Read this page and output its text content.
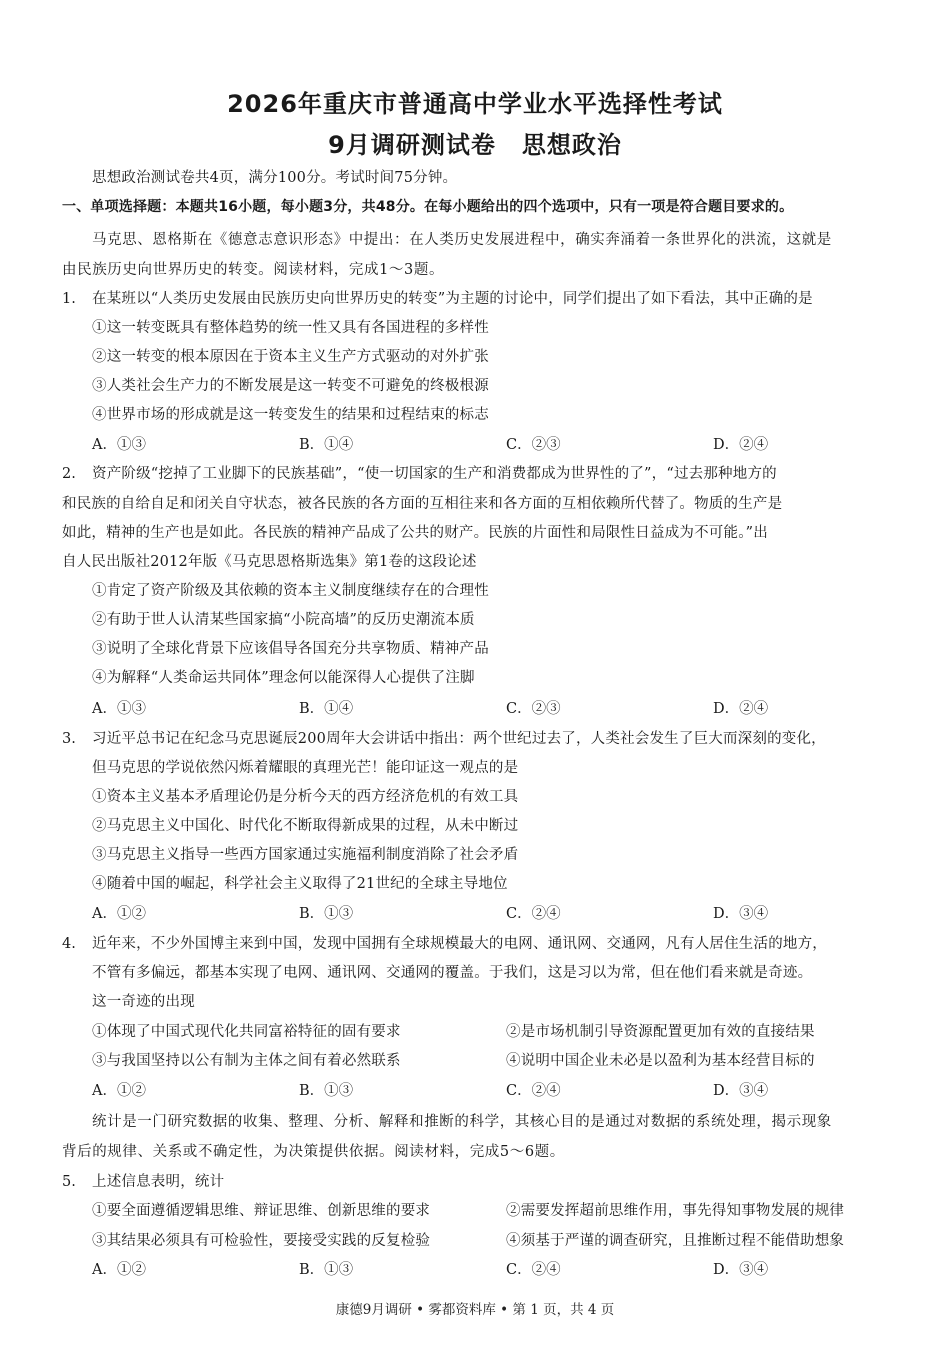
2026年重庆市普通高中学业水平选择性考试
9月调研测试卷 思想政治
思想政治测试卷共4页，满分100分。考试时间75分钟。
一、单项选择题：本题共16小题，每小题3分，共48分。在每小题给出的四个选项中，只有一项是符合题目要求的。
马克思、恩格斯在《德意志意识形态》中提出：在人类历史发展进程中，确实奔涌着一条世界化的洪流，这就是
由民族历史向世界历史的转变。阅读材料，完成1～3题。
1. 在某班以“人类历史发展由民族历史向世界历史的转变”为主题的讨论中，同学们提出了如下看法，其中正确的是
①这一转变既具有整体趋势的统一性又具有各国进程的多样性
②这一转变的根本原因在于资本主义生产方式驱动的对外扩张
③人类社会生产力的不断发展是这一转变不可避免的终极根源
④世界市场的形成就是这一转变发生的结果和过程结束的标志
A．①③	B．①④	C．②③	D．②④
2. 资产阶级“挖掉了工业脚下的民族基础”，“使一切国家的生产和消费都成为世界性的了”，“过去那种地方的
和民族的自给自足和闭关自守状态，被各民族的各方面的互相往来和各方面的互相依赖所代替了。物质的生产是
如此，精神的生产也是如此。各民族的精神产品成了公共的财产。民族的片面性和局限性日益成为不可能。”出
自人民出版社2012年版《马克思恩格斯选集》第1卷的这段论述
①肯定了资产阶级及其依赖的资本主义制度继续存在的合理性
②有助于世人认清某些国家搞“小院高墙”的反历史潮流本质
③说明了全球化背景下应该倡导各国充分共享物质、精神产品
④为解释“人类命运共同体”理念何以能深得人心提供了注脚
A．①③	B．①④	C．②③	D．②④
3. 习近平总书记在纪念马克思诞辰200周年大会讲话中指出：两个世纪过去了，人类社会发生了巨大而深刻的变化，
但马克思的学说依然闪烁着耀眼的真理光芒！能印证这一观点的是
①资本主义基本矛盾理论仍是分析今天的西方经济危机的有效工具
②马克思主义中国化、时代化不断取得新成果的过程，从未中断过
③马克思主义指导一些西方国家通过实施福利制度消除了社会矛盾
④随着中国的崛起，科学社会主义取得了21世纪的全球主导地位
A．①②	B．①③	C．②④	D．③④
4. 近年来，不少外国博主来到中国，发现中国拥有全球规模最大的电网、通讯网、交通网，凡有人居住生活的地方，
不管有多偏远，都基本实现了电网、通讯网、交通网的覆盖。于我们，这是习以为常，但在他们看来就是奇迹。
这一奇迹的出现
①体现了中国式现代化共同富裕特征的固有要求	②是市场机制引导资源配置更加有效的直接结果
③与我国坚持以公有制为主体之间有着必然联系	④说明中国企业未必是以盈利为基本经营目标的
A．①②	B．①③	C．②④	D．③④
统计是一门研究数据的收集、整理、分析、解释和推断的科学，其核心目的是通过对数据的系统处理，揭示现象
背后的规律、关系或不确定性，为决策提供依据。阅读材料，完成5～6题。
5. 上述信息表明，统计
①要全面遵循逻辑思维、辩证思维、创新思维的要求	②需要发挥超前思维作用，事先得知事物发展的规律
③其结果必须具有可检验性，要接受实践的反复检验	④须基于严谨的调查研究，且推断过程不能借助想象
A．①②	B．①③	C．②④	D．③④
康德9月调研 • 雾都资料库 • 第 1 页，共 4 页
